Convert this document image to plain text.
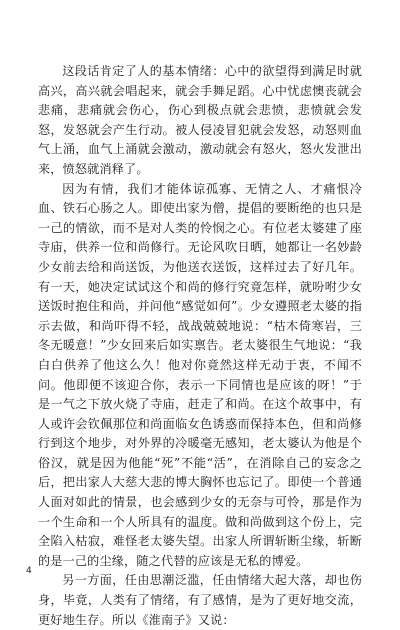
这段话肯定了人的基本情绪：心中的欲望得到满足时就高兴，高兴就会唱起来，就会手舞足蹈。心中忧虑懊丧就会悲痛，悲痛就会伤心，伤心到极点就会悲愤，悲愤就会发怒，发怒就会产生行动。被人侵凌冒犯就会发怒，动怒则血气上涌，血气上涌就会激动，激动就会有怒火，怒火发泄出来，愤怒就消释了。

因为有情，我们才能体谅孤寡、无情之人、才痛恨冷血、铁石心肠之人。即使出家为僧，提倡的要断绝的也只是一己的情欲，而不是对人类的怜悯之心。有位老太婆建了座寺庙，供养一位和尚修行。无论风吹日晒，她都让一名妙龄少女前去给和尚送饭，为他送衣送饭，这样过去了好几年。有一天，她决定试试这个和尚的修行究竟怎样，就吩咐少女送饭时抱住和尚，并问他“感觉如何”。少女遵照老太婆的指示去做，和尚吓得不轻，战战兢兢地说：“枯木倚寒岩，三冬无暖意！”少女回来后如实禀告。老太婆很生气地说：“我白白供养了他这么久！他对你竟然这样无动于衷，不闻不问。他即便不该迎合你，表示一下同情也是应该的呀！”于是一气之下放火烧了寺庙，赶走了和尚。在这个故事中，有人或许会钦佩那位和尚面临女色诱惑而保持本色，但和尚修行到这个地步，对外界的冷暖毫无感知，老太婆认为他是个俗汉，就是因为他能“死”不能“活”，在消除自己的妄念之后，把出家人大慈大悲的博大胸怀也忘记了。即使一个普通人面对如此的情景，也会感到少女的无奈与可怜，那是作为一个生命和一个人所具有的温度。做和尚做到这个份上，完全陷入枯寂，难怪老太婆失望。出家人所谓斩断尘缘，斩断的是一己的尘缘，随之代替的应该是无私的博爱。

另一方面，任由思潮泛滥，任由情绪大起大落，却也伤身，毕竟，人类有了情绪，有了感情，是为了更好地交流，更好地生存。所以《淮南子》又说：

4
